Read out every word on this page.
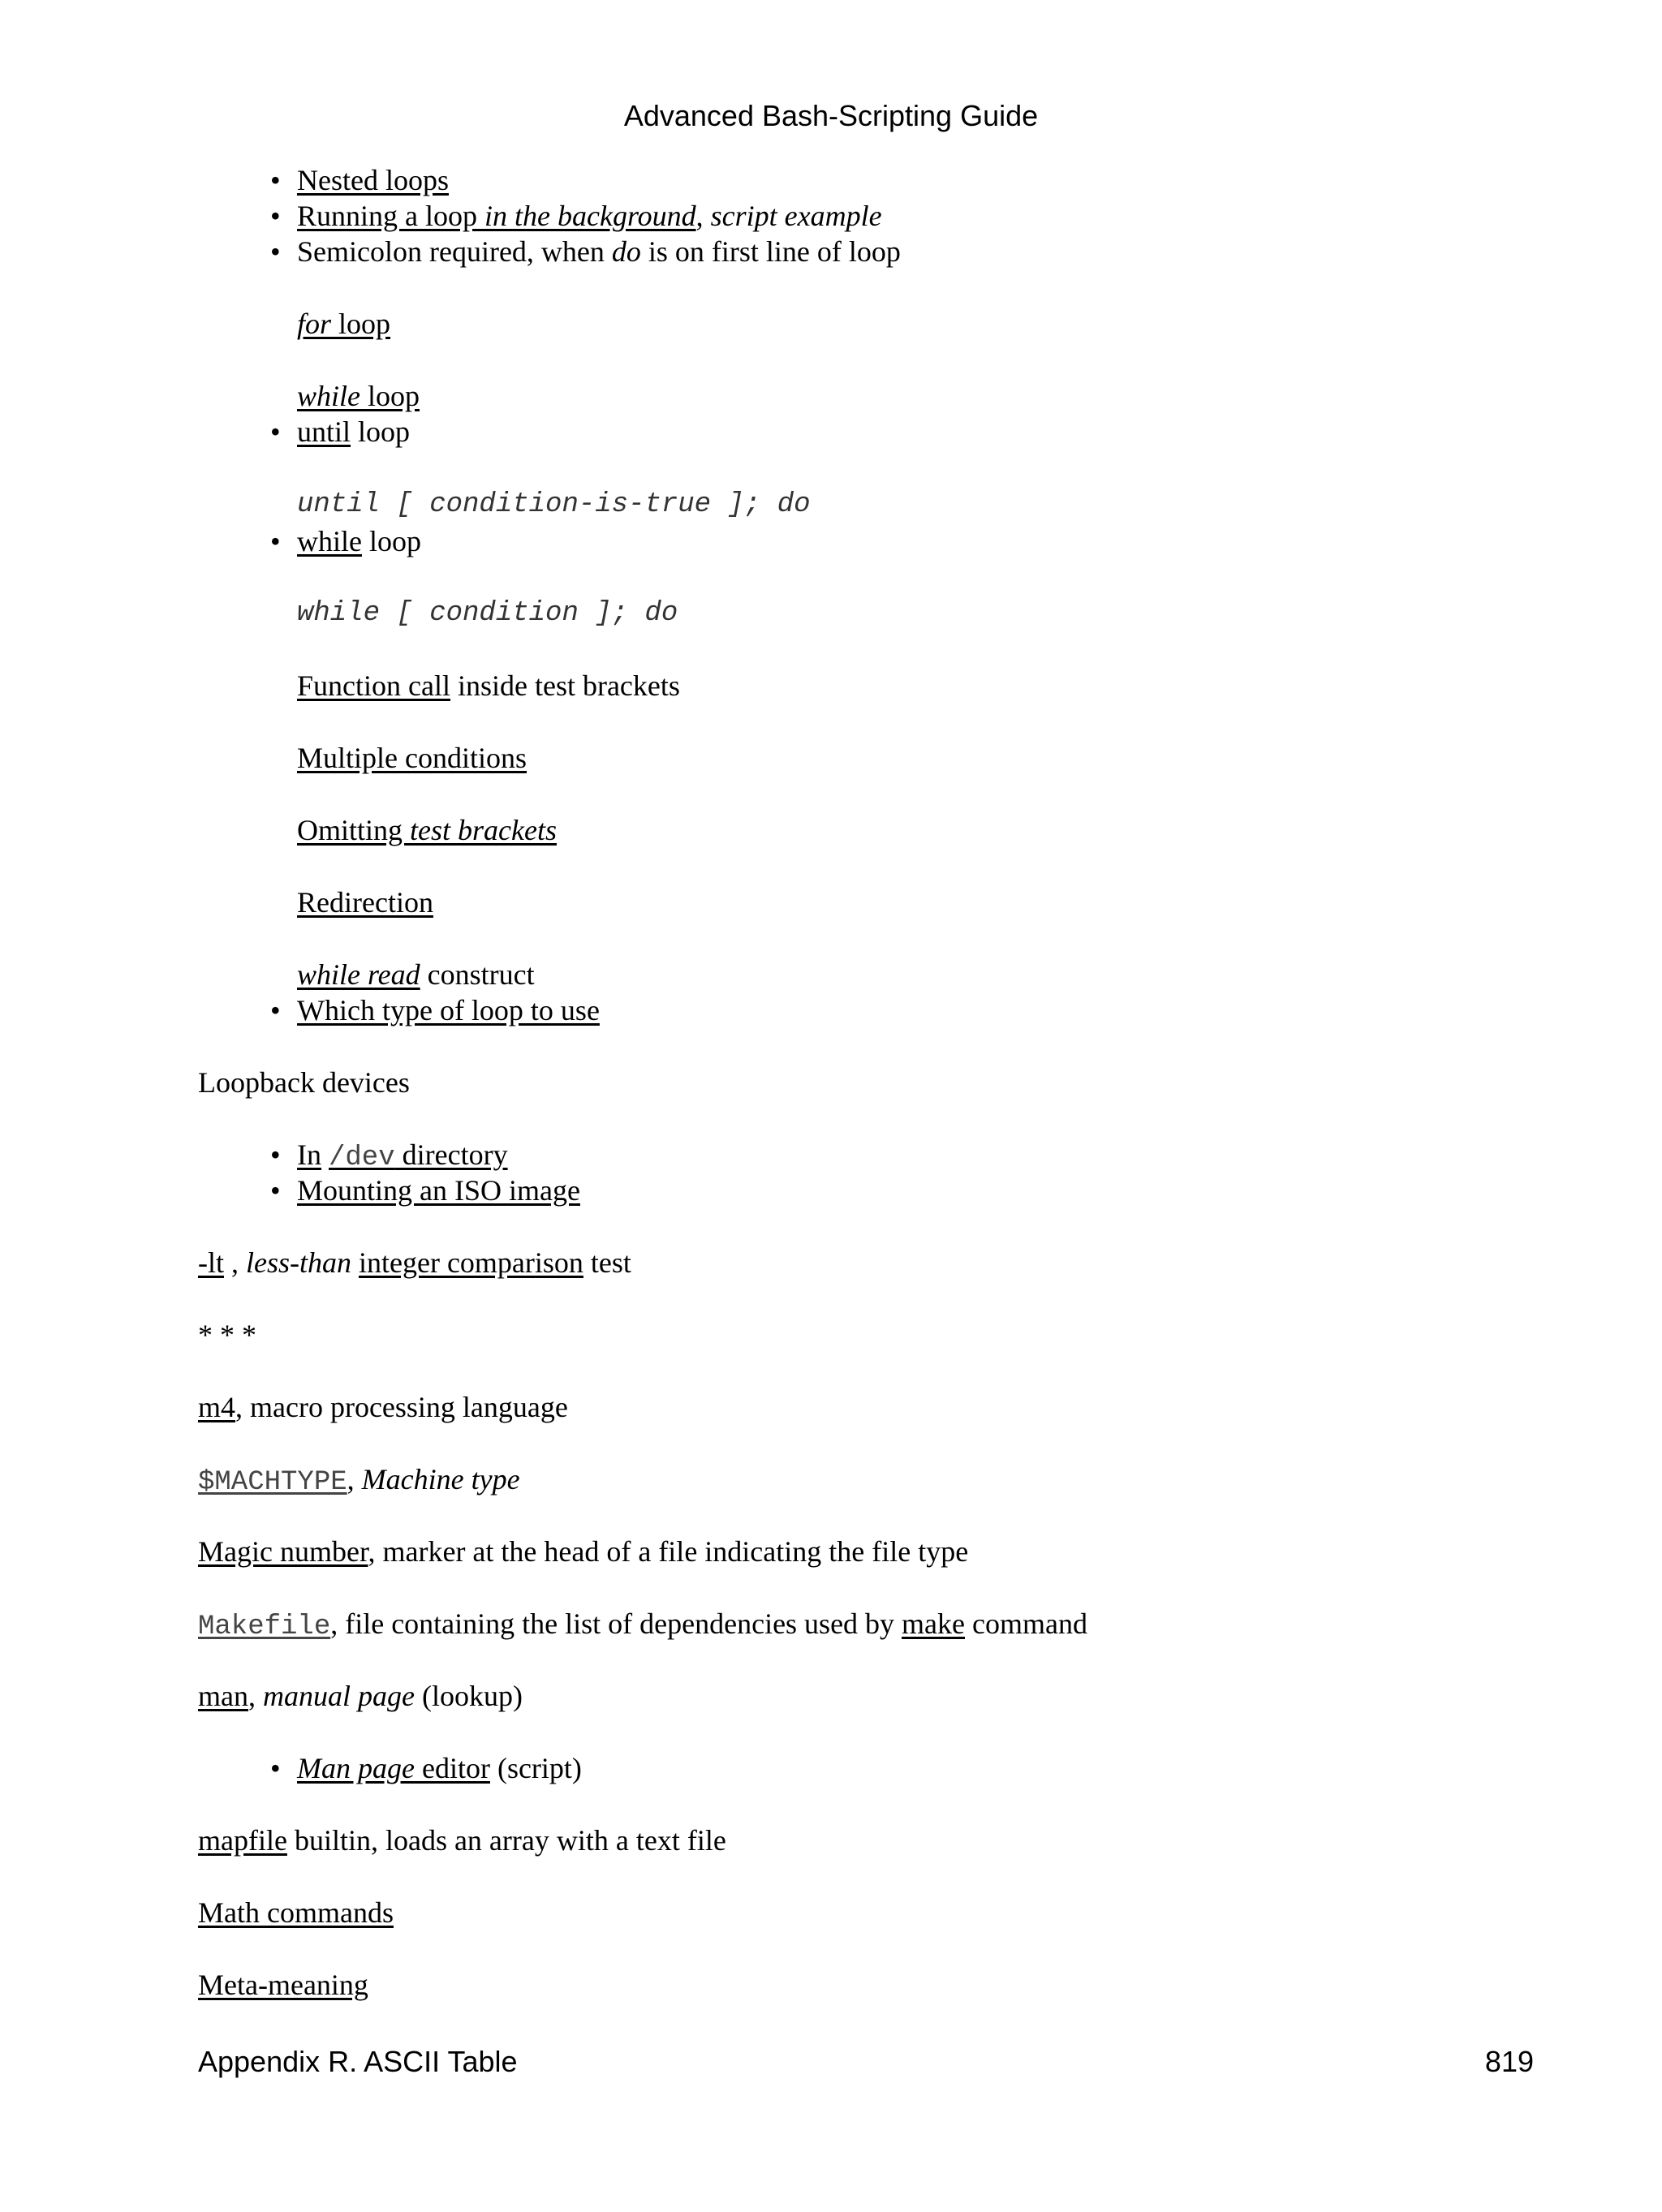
Advanced Bash-Scripting Guide
• Nested loops
• Running a loop in the background, script example
• Semicolon required, when do is on first line of loop
for loop
while loop
• until loop
until [ condition-is-true ]; do
• while loop
while [ condition ]; do
Function call inside test brackets
Multiple conditions
Omitting test brackets
Redirection
while read construct
• Which type of loop to use
Loopback devices
• In /dev directory
• Mounting an ISO image
-lt , less-than integer comparison test
* * *
m4, macro processing language
$MACHTYPE, Machine type
Magic number, marker at the head of a file indicating the file type
Makefile, file containing the list of dependencies used by make command
man, manual page (lookup)
• Man page editor (script)
mapfile builtin, loads an array with a text file
Math commands
Meta-meaning
Appendix R. ASCII Table	819
